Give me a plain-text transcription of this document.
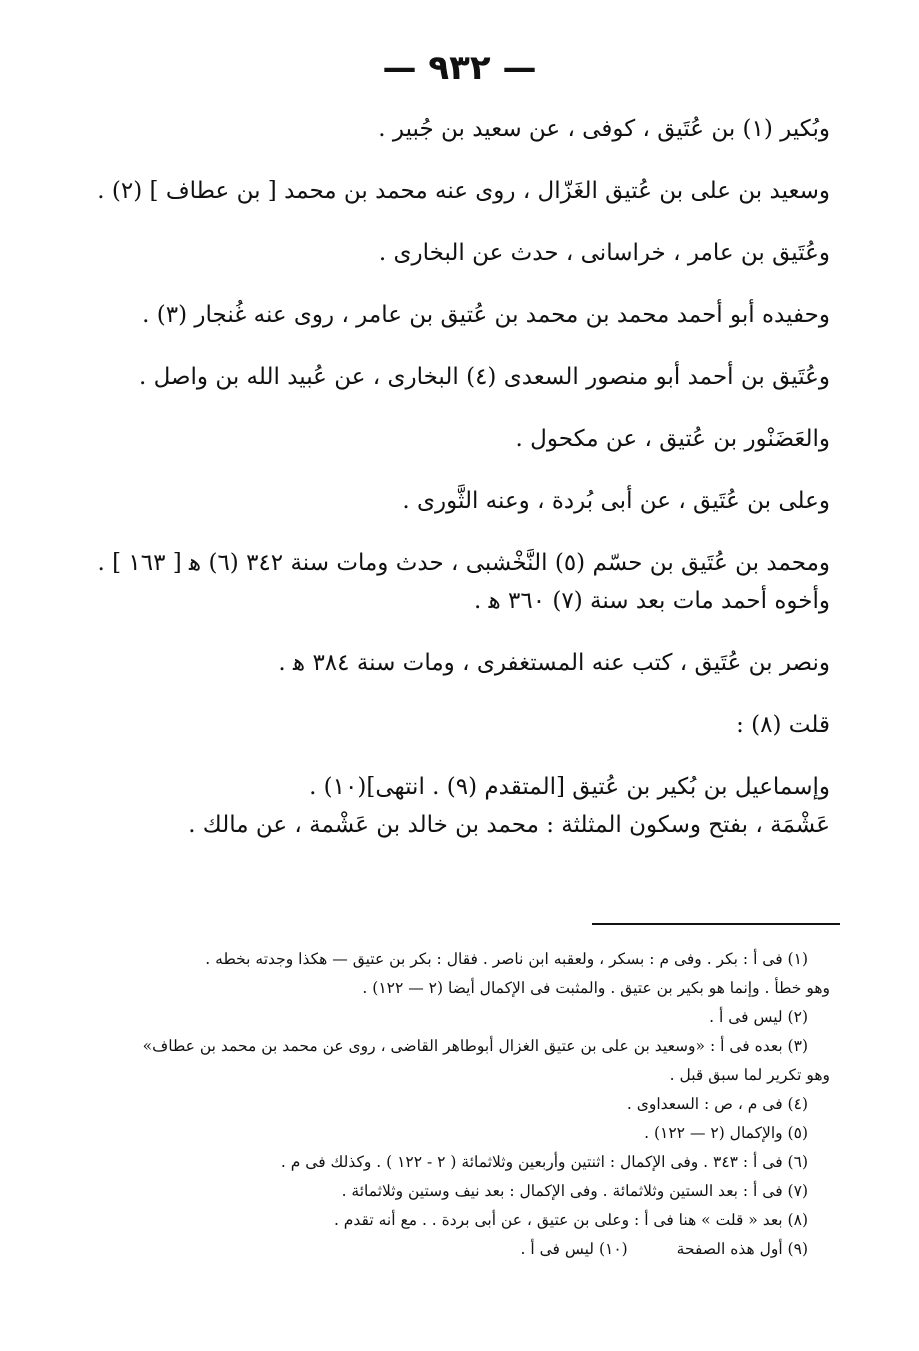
— ٩٣٢ —

وبُكير (١) بن عُتَيق ، كوفى ، عن سعيد بن جُبير .

وسعيد بن على بن عُتيق الغَزّال ، روى عنه محمد بن محمد [ بن عطاف ] (٢) .

وعُتَيق بن عامر ، خراسانى ، حدث عن البخارى .

وحفيده أبو أحمد محمد بن محمد بن عُتيق بن عامر ، روى عنه غُنجار (٣) .

وعُتَيق بن أحمد أبو منصور السعدى (٤) البخارى ، عن عُبيد الله بن واصل .

والعَضَنْور بن عُتيق ، عن مكحول .

وعلى بن عُتَيق ، عن أبى بُردة ، وعنه الثَّورى .

ومحمد بن عُتَيق بن حسّم (٥) النَّخْشبى ، حدث ومات سنة ٣٤٢ (٦) ه‍ [ ١٦٣ ] .

وأخوه أحمد مات بعد سنة (٧) ٣٦٠ ه‍ .

ونصر بن عُتَيق ، كتب عنه المستغفرى ، ومات سنة ٣٨٤ ه‍ .

قلت (٨) :

وإسماعيل بن بُكير بن عُتيق [المتقدم (٩) . انتهى](١٠) .

عَشْمَة ، بفتح وسكون المثلثة : محمد بن خالد بن عَشْمة ، عن مالك .

(١) فى أ : بكر . وفى م : بسكر ، ولعقبه ابن ناصر . فقال : بكر بن عتيق — هكذا وجدته بخطه .

وهو خطأ . وإنما هو بكير بن عتيق . والمثبت فى الإكمال أيضا (٢ — ١٢٢) .

(٢) ليس فى أ .

(٣) بعده فى أ : «وسعيد بن على بن عتيق الغزال أبوطاهر القاضى ، روى عن محمد بن محمد بن عطاف»

وهو تكرير لما سبق قبل .

(٤) فى م ، ص : السعداوى .

(٥) والإكمال (٢ — ١٢٢) .

(٦) فى أ : ٣٤٣ . وفى الإكمال : اثنتين وأربعين وثلاثمائة ( ٢ - ١٢٢ ) . وكذلك فى م .

(٧) فى أ : بعد الستين وثلاثمائة . وفى الإكمال : بعد نيف وستين وثلاثمائة .

(٨) بعد « قلت » هنا فى أ : وعلى بن عتيق ، عن أبى بردة . . مع أنه تقدم .

(٩) أول هذه الصفحة (١٠) ليس فى أ .
